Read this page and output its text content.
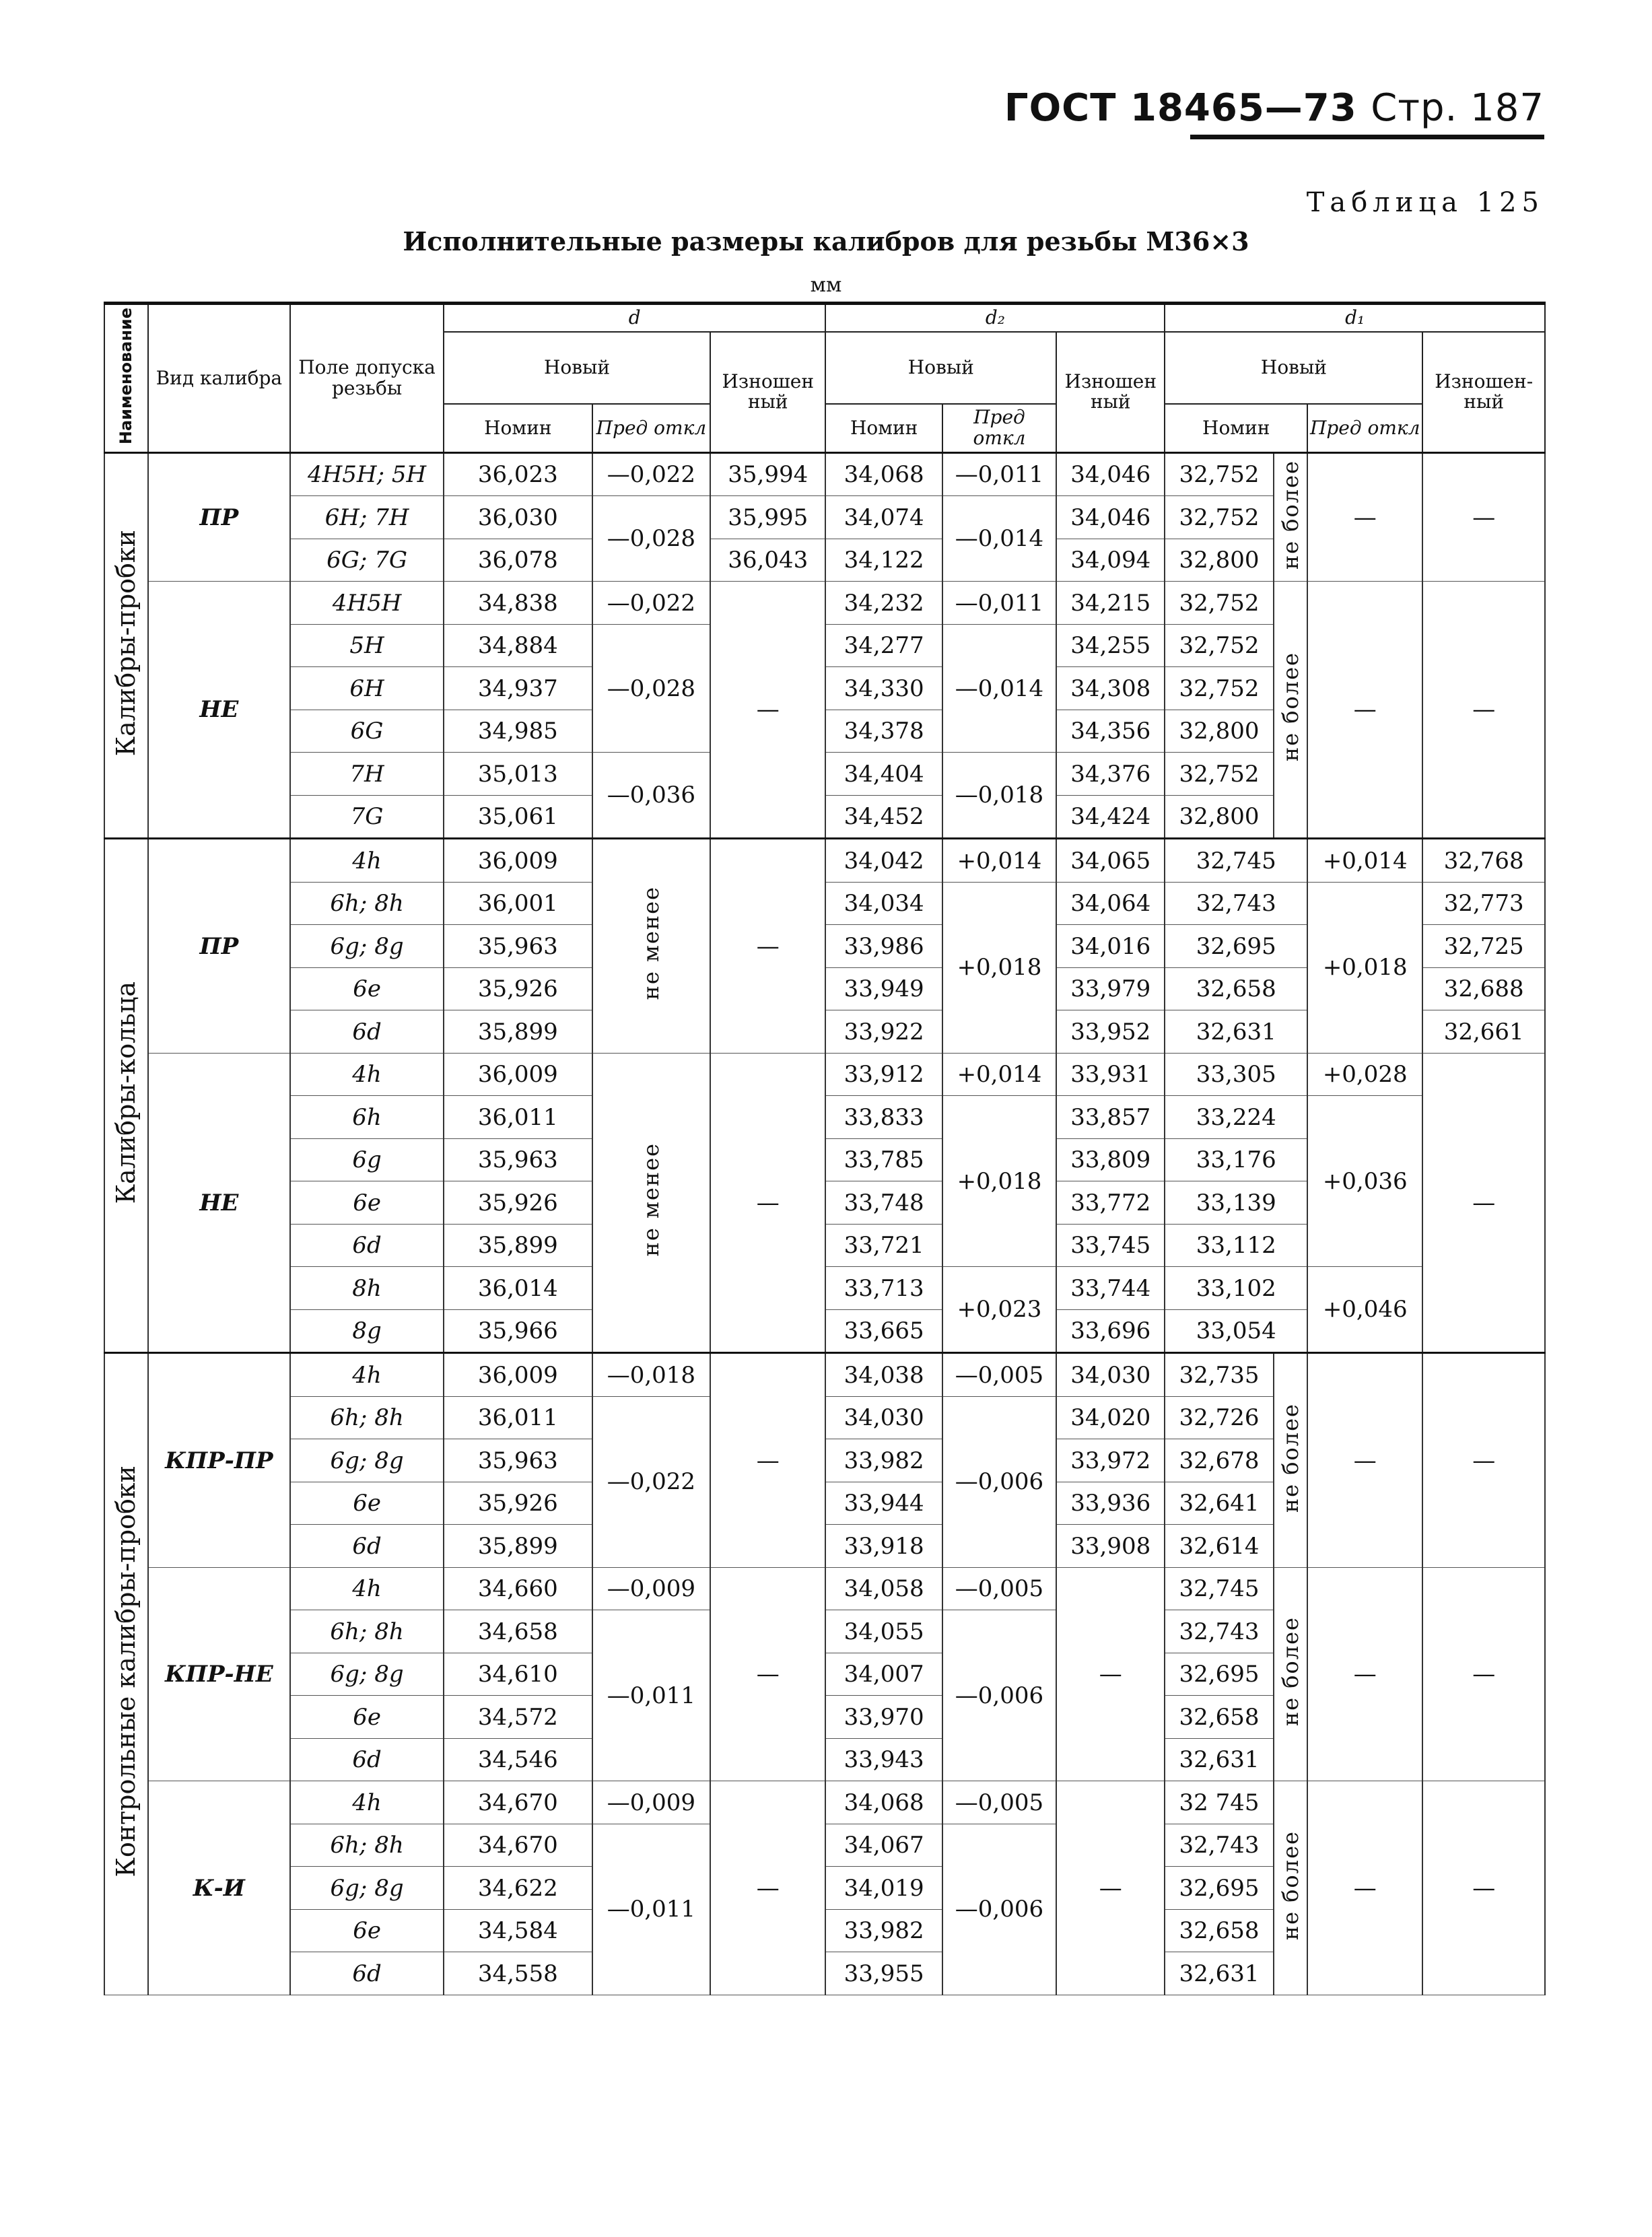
ГОСТ 18465—73 Стр. 187
Таблица 125
Исполнительные размеры калибров для резьбы М36×3
мм
Наименование	Вид калибра	Поле допуска резьбы	d			d₂			d₁			
			Новый		Изношен ный	Новый		Изношен ный	Новый			Изношен- ный
			Номин	Пред откл		Номин	Пред откл		Номин		Пред откл	
Калибры-пробки	ПР	4H5H; 5H	36,023	—0,022	35,994	34,068	—0,011	34,046	32,752	не более	—	—
		6H; 7H	36,030	—0,028	35,995	34,074	—0,014	34,046	32,752			
		6G; 7G	36,078		36,043	34,122		34,094	32,800			
	НЕ	4H5H	34,838	—0,022	—	34,232	—0,011	34,215	32,752	не более	—	—
		5H	34,884	—0,028		34,277	—0,014	34,255	32,752			
		6H	34,937			34,330		34,308	32,752			
		6G	34,985			34,378		34,356	32,800			
		7H	35,013	—0,036		34,404	—0,018	34,376	32,752			
		7G	35,061			34,452		34,424	32,800			
Калибры-кольца	ПР	4h	36,009	не менее	—	34,042	+0,014	34,065	32,745		+0,014	32,768
		6h; 8h	36,001			34,034	+0,018	34,064	32,743		+0,018	32,773
		6g; 8g	35,963			33,986		34,016	32,695			32,725
		6e	35,926			33,949		33,979	32,658			32,688
		6d	35,899			33,922		33,952	32,631			32,661
	НЕ	4h	36,009	не менее	—	33,912	+0,014	33,931	33,305		+0,028	—
		6h	36,011			33,833	+0,018	33,857	33,224		+0,036	
		6g	35,963			33,785		33,809	33,176			
		6e	35,926			33,748		33,772	33,139			
		6d	35,899			33,721		33,745	33,112			
		8h	36,014			33,713	+0,023	33,744	33,102		+0,046	
		8g	35,966			33,665		33,696	33,054			
Контрольные калибры-пробки	КПР-ПР	4h	36,009	—0,018	—	34,038	—0,005	34,030	32,735	не более	—	—
		6h; 8h	36,011	—0,022		34,030	—0,006	34,020	32,726			
		6g; 8g	35,963			33,982		33,972	32,678			
		6e	35,926			33,944		33,936	32,641			
		6d	35,899			33,918		33,908	32,614			
	КПР-НЕ	4h	34,660	—0,009	—	34,058	—0,005	—	32,745	не более	—	—
		6h; 8h	34,658	—0,011		34,055	—0,006		32,743			
		6g; 8g	34,610			34,007			32,695			
		6e	34,572			33,970			32,658			
		6d	34,546			33,943			32,631			
	К-И	4h	34,670	—0,009	—	34,068	—0,005	—	32 745	не более	—	—
		6h; 8h	34,670	—0,011		34,067	—0,006		32,743			
		6g; 8g	34,622			34,019			32,695			
		6e	34,584			33,982			32,658			
		6d	34,558			33,955			32,631			
